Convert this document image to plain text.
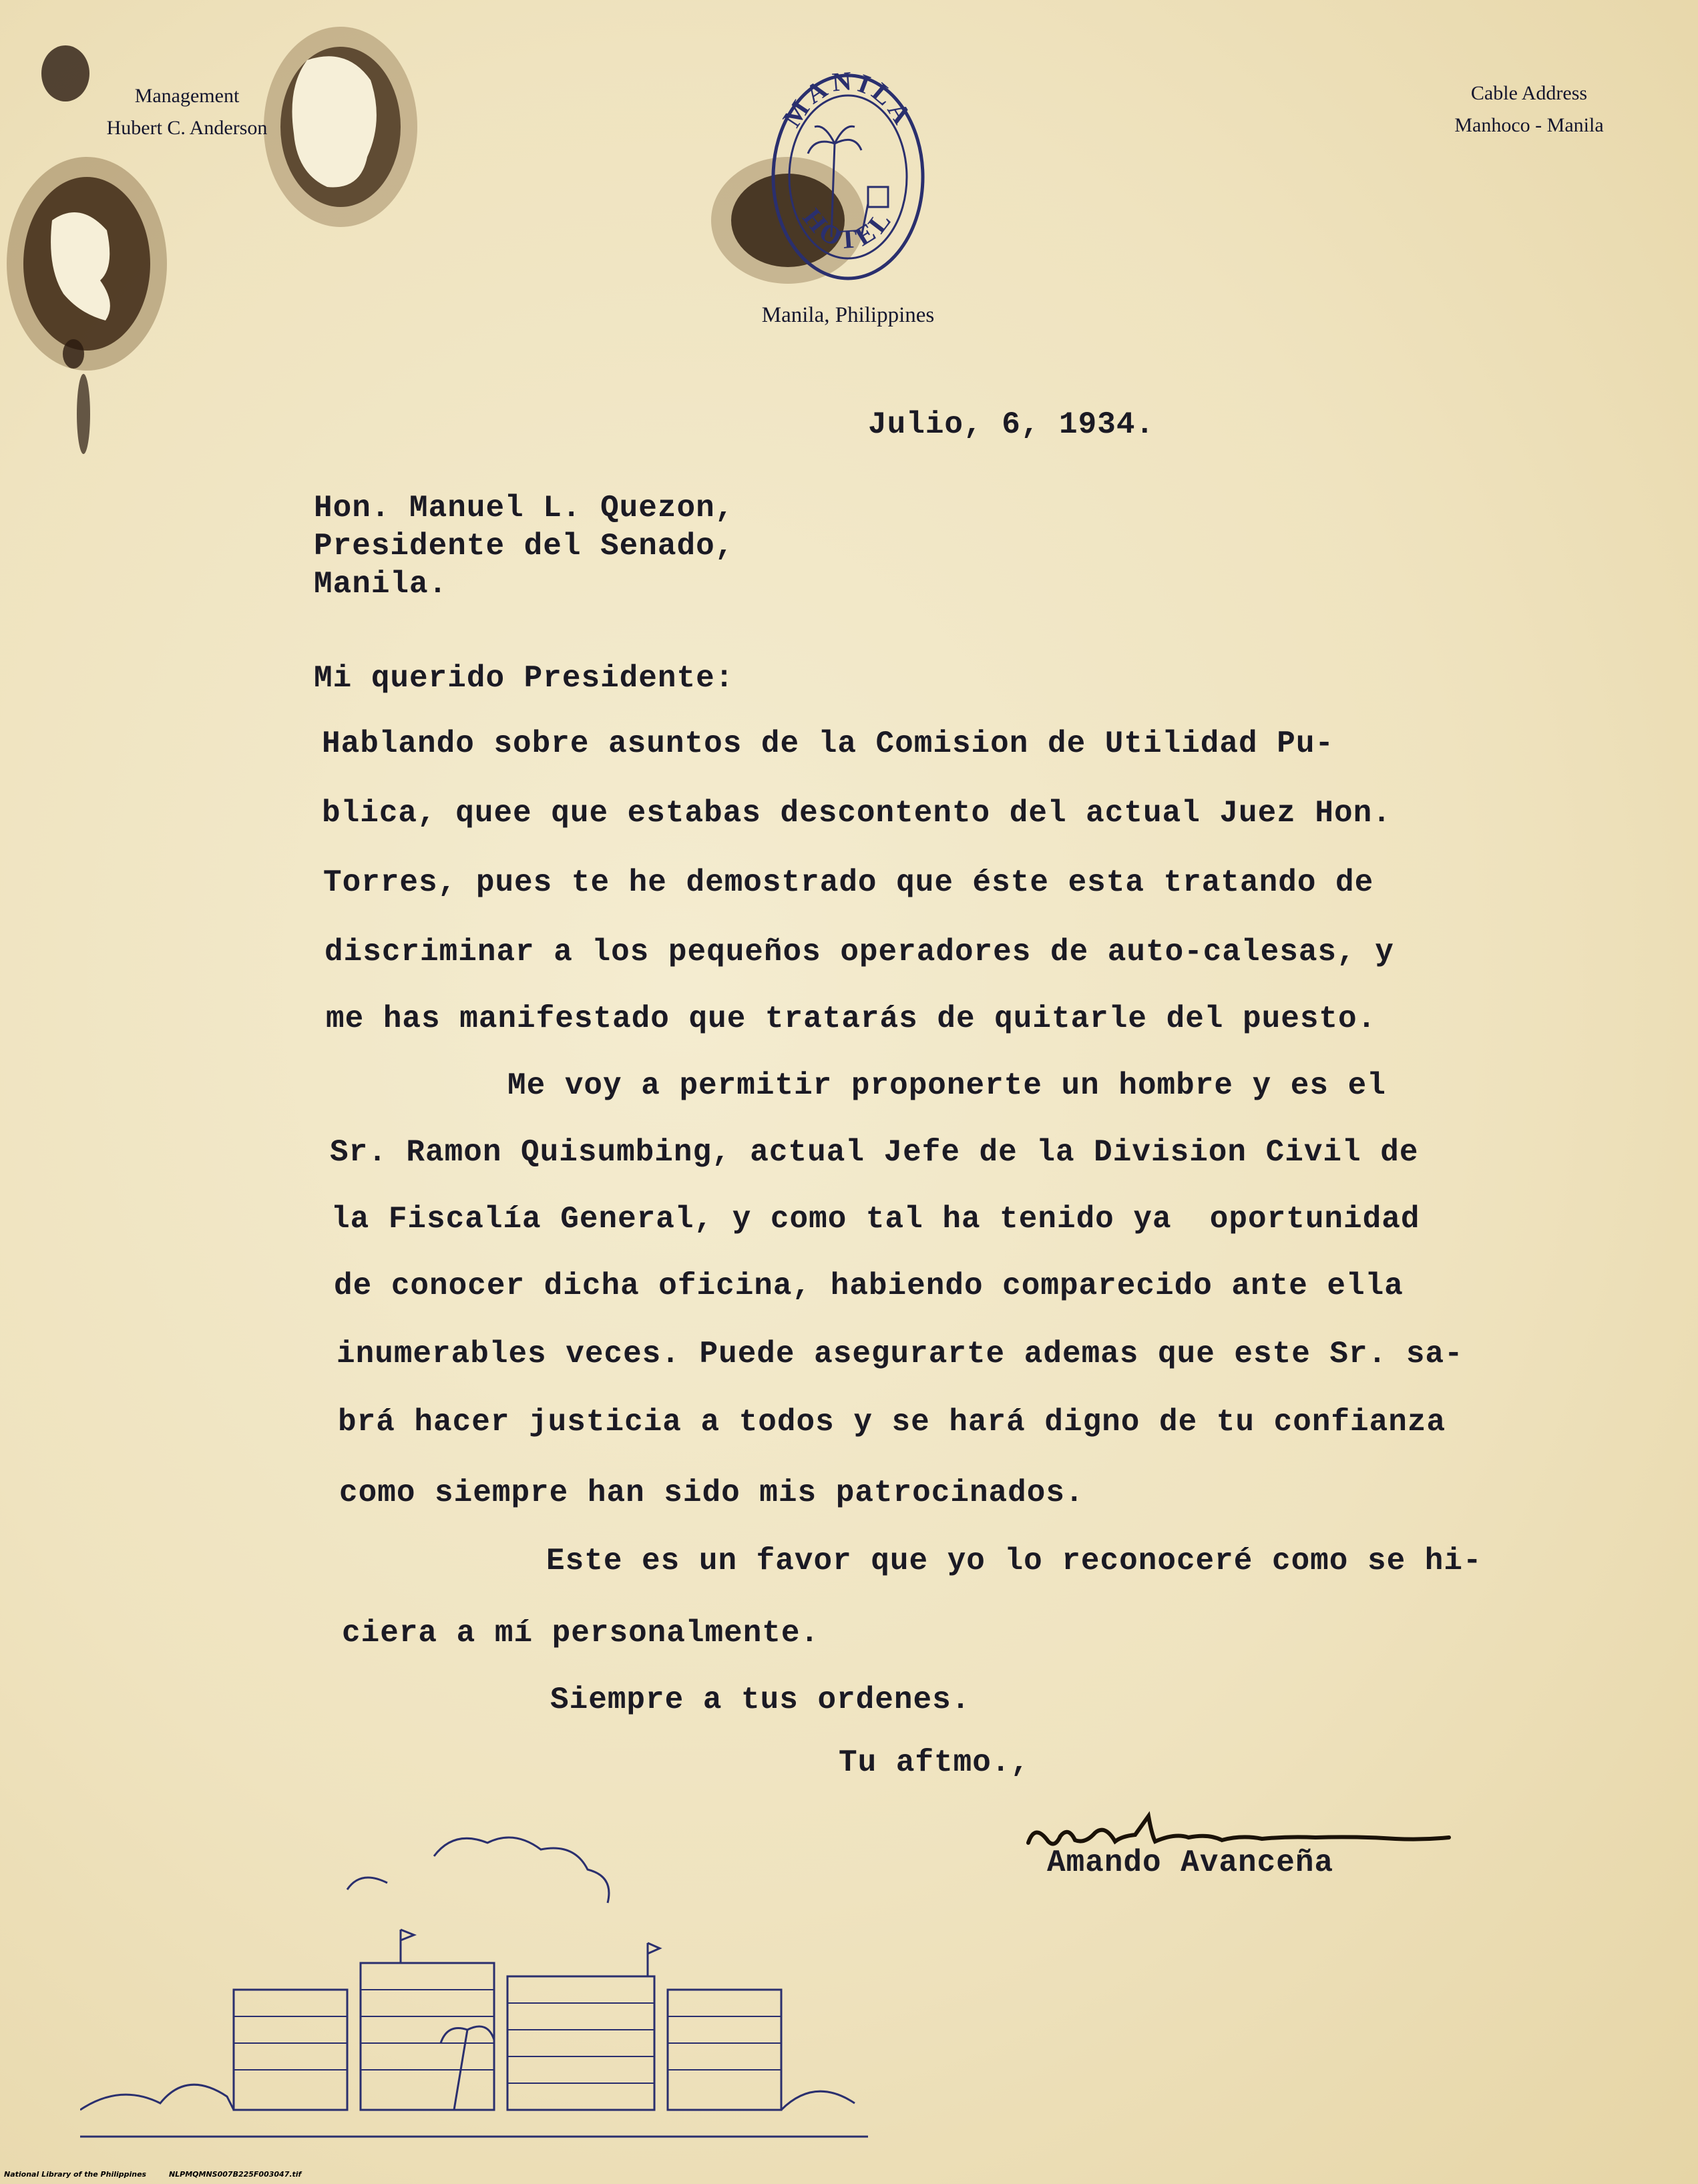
Management
Hubert C. Anderson
Cable Address
Manhoco - Manila
MANILA
HOTEL
Manila, Philippines
Julio, 6, 1934.
Hon. Manuel L. Quezon,
Presidente del Senado,
Manila.
Mi querido Presidente:
Hablando sobre asuntos de la Comision de Utilidad Pu-
blica, quee que estabas descontento del actual Juez Hon.
Torres, pues te he demostrado que éste esta tratando de
discriminar a los pequeños operadores de auto-calesas, y
me has manifestado que tratarás de quitarle del puesto.
Me voy a permitir proponerte un hombre y es el
Sr. Ramon Quisumbing, actual Jefe de la Division Civil de
la Fiscalía General, y como tal ha tenido ya  oportunidad
de conocer dicha oficina, habiendo comparecido ante ella
inumerables veces. Puede asegurarte ademas que este Sr. sa-
brá hacer justicia a todos y se hará digno de tu confianza
como siempre han sido mis patrocinados.
Este es un favor que yo lo reconoceré como se hi-
ciera a mí personalmente.
Siempre a tus ordenes.
Tu aftmo.,
Amando Avanceña
National Library of the Philippines	NLPMQMNS007B225F003047.tif
